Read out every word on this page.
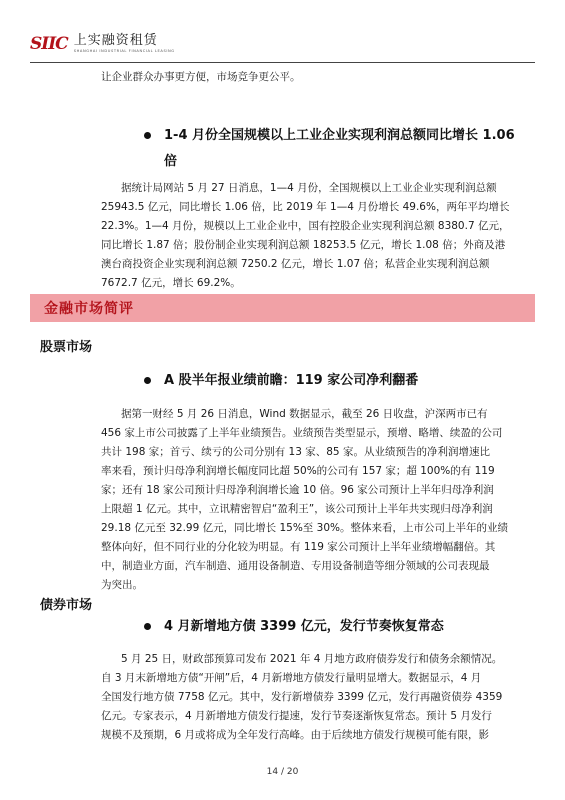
SIIC 上实融资租赁
SHANGHAI INDUSTRIAL FINANCIAL LEASING

让企业群众办事更方便，市场竞争更公平。

1-4 月份全国规模以上工业企业实现利润总额同比增长 1.06
倍

据统计局网站 5 月 27 日消息，1—4 月份，全国规模以上工业企业实现利润总额
25943.5 亿元，同比增长 1.06 倍，比 2019 年 1—4 月份增长 49.6%，两年平均增长
22.3%。1—4 月份，规模以上工业企业中，国有控股企业实现利润总额 8380.7 亿元，
同比增长 1.87 倍；股份制企业实现利润总额 18253.5 亿元，增长 1.08 倍；外商及港
澳台商投资企业实现利润总额 7250.2 亿元，增长 1.07 倍；私营企业实现利润总额
7672.7 亿元，增长 69.2%。

金融市场简评
股票市场
A 股半年报业绩前瞻：119 家公司净利翻番

据第一财经 5 月 26 日消息，Wind 数据显示，截至 26 日收盘，沪深两市已有
456 家上市公司披露了上半年业绩预告。业绩预告类型显示，预增、略增、续盈的公司
共计 198 家；首亏、续亏的公司分别有 13 家、85 家。从业绩预告的净利润增速比
率来看，预计归母净利润增长幅度同比超 50%的公司有 157 家；超 100%的有 119
家；还有 18 家公司预计归母净利润增长逾 10 倍。96 家公司预计上半年归母净利润
上限超 1 亿元。其中，立讯精密智启“盈利王”，该公司预计上半年共实现归母净利润
29.18 亿元至 32.99 亿元，同比增长 15%至 30%。整体来看，上市公司上半年的业绩
整体向好，但不同行业的分化较为明显。有 119 家公司预计上半年业绩增幅翻倍。其
中，制造业方面，汽车制造、通用设备制造、专用设备制造等细分领域的公司表现最
为突出。

债券市场
4 月新增地方债 3399 亿元，发行节奏恢复常态

5 月 25 日，财政部预算司发布 2021 年 4 月地方政府债券发行和债务余额情况。
自 3 月末新增地方债“开闸”后，4 月新增地方债发行量明显增大。数据显示，4 月
全国发行地方债 7758 亿元。其中，发行新增债券 3399 亿元，发行再融资债券 4359
亿元。专家表示，4 月新增地方债发行提速，发行节奏逐渐恢复常态。预计 5 月发行
规模不及预期，6 月或将成为全年发行高峰。由于后续地方债发行规模可能有限，影

14 / 20
